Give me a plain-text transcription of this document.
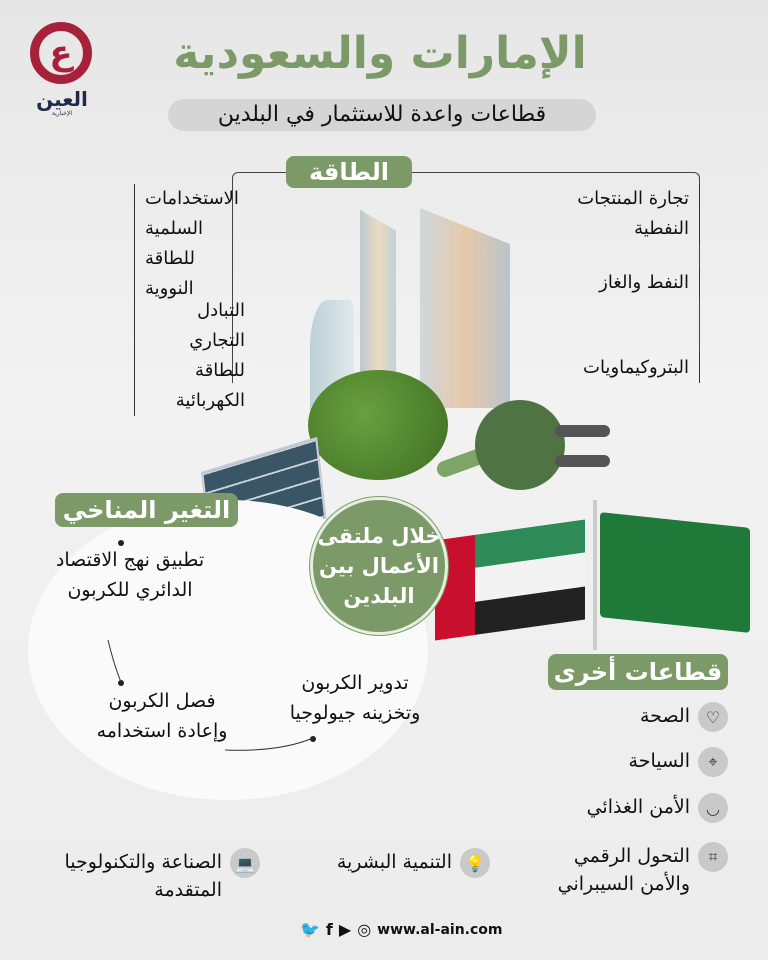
ع
العين
الإخبارية
الإمارات والسعودية
قطاعات واعدة للاستثمار في البلدين
الطاقة
تجارة المنتجات النفطية
النفط والغاز
البتروكيماويات
الاستخدامات السلمية للطاقة النووية
التبادل التجاري للطاقة الكهربائية
التغير المناخي
تطبيق نهج الاقتصاد الدائري للكربون
فصل الكربون وإعادة استخدامه
تدوير الكربون وتخزينه جيولوجيا
خلال ملتقى
الأعمال بين
البلدين
قطاعات أخرى
♡
الصحة
⌖
السياحة
◡
الأمن الغذائي
⌗
التحول الرقمي والأمن السيبراني
💡
التنمية البشرية
💻
الصناعة والتكنولوجيا المتقدمة
🐦 f ▶ ◎ www.al-ain.com
